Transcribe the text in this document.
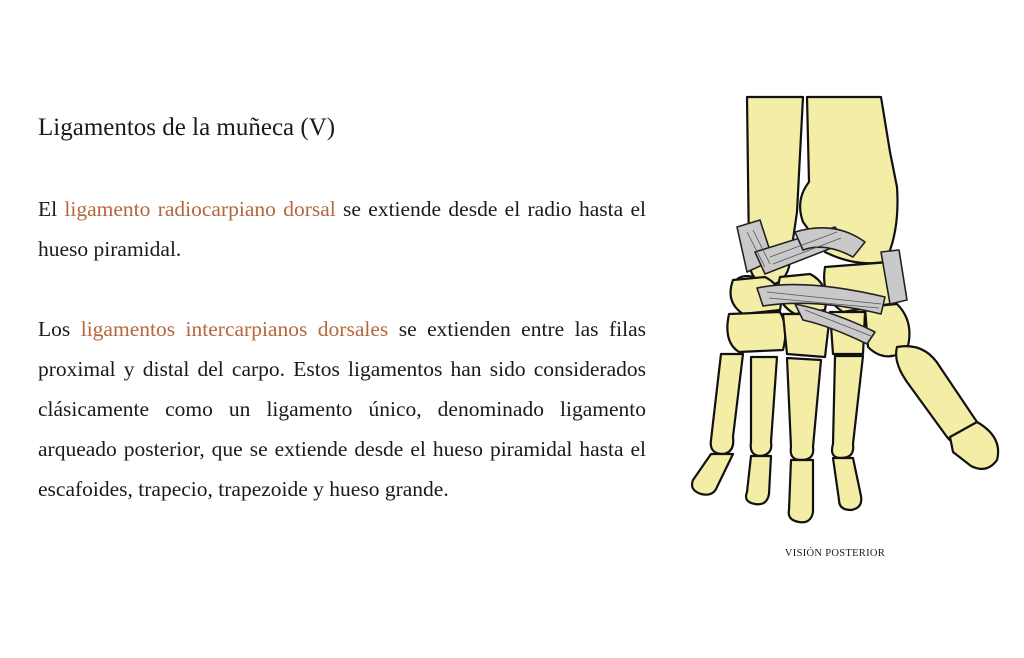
Ligamentos de la muñeca (V)

El ligamento radiocarpiano dorsal se extiende desde el radio hasta el hueso piramidal.

Los ligamentos intercarpianos dorsales se extienden entre las filas proximal y distal del carpo. Estos ligamentos han sido considerados clásicamente como un ligamento único, denominado ligamento arqueado posterior, que se extiende desde el hueso piramidal hasta el escafoides, trapecio, trapezoide y hueso grande.

VISIÓN POSTERIOR
